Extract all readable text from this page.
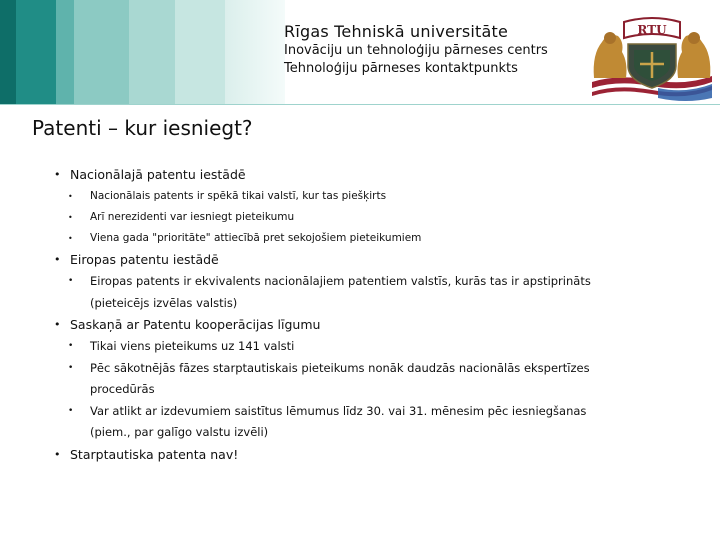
Rīgas Tehniskā universitāte
Inovāciju un tehnoloģiju pārneses centrs
Tehnoloģiju pārneses kontaktpunkts
RTU
Patenti – kur iesniegt?
• Nacionālajā patentu iestādē
• Nacionālais patents ir spēkā tikai valstī, kur tas piešķirts
• Arī nerezidenti var iesniegt pieteikumu
• Viena gada "prioritāte" attiecībā pret sekojošiem pieteikumiem
• Eiropas patentu iestādē
• Eiropas patents ir ekvivalents nacionālajiem patentiem valstīs, kurās tas ir apstiprināts
(pieteicējs izvēlas valstis)
• Saskaņā ar Patentu kooperācijas līgumu
• Tikai viens pieteikums uz 141 valsti
• Pēc sākotnējās fāzes starptautiskais pieteikums nonāk daudzās nacionālās ekspertīzes
procedūrās
• Var atlikt ar izdevumiem saistītus lēmumus līdz 30. vai 31. mēnesim pēc iesniegšanas
(piem., par galīgo valstu izvēli)
• Starptautiska patenta nav!
